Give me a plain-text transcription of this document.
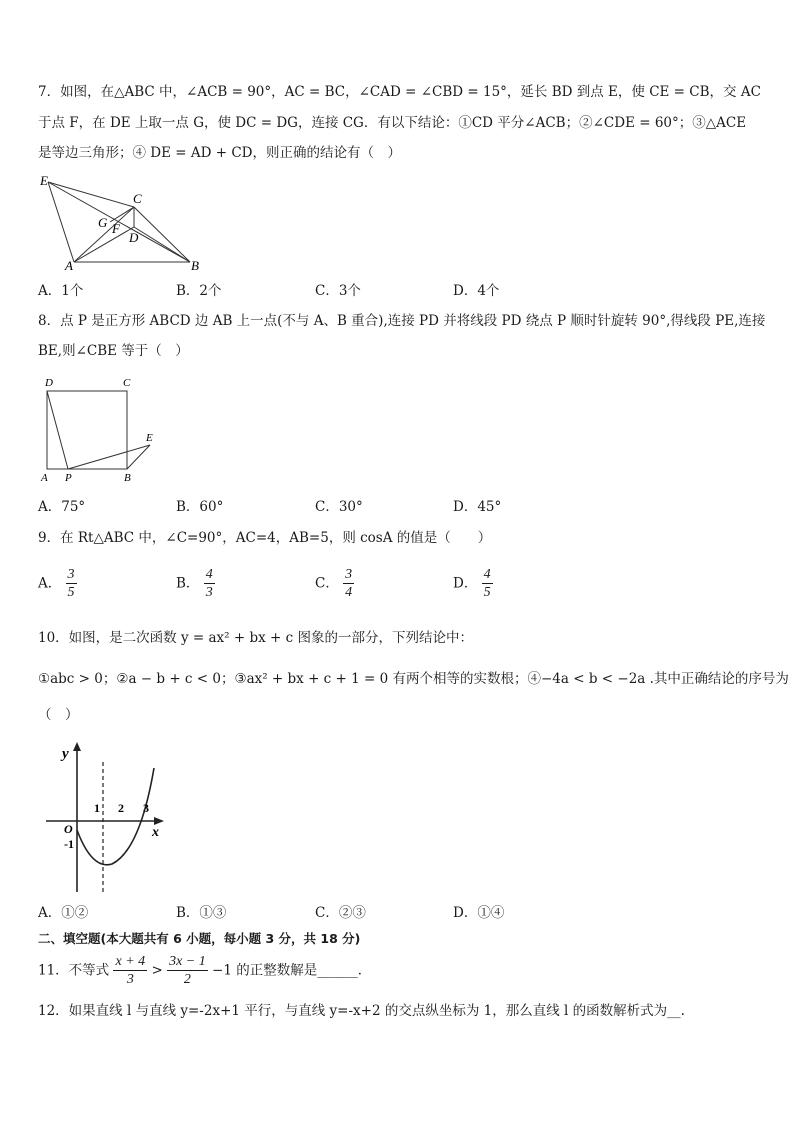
7．如图，在△ABC 中，∠ACB = 90°，AC = BC，∠CAD = ∠CBD = 15°，延长 BD 到点 E，使 CE = CB，交 AC
于点 F，在 DE 上取一点 G，使 DC = DG，连接 CG．有以下结论：①CD 平分∠ACB；②∠CDE = 60°；③△ACE
是等边三角形；④ DE = AD + CD，则正确的结论有（　）
E
C
G F
D
A	B
A．1个	B．2个	C．3个	D．4个
8．点 P 是正方形 ABCD 边 AB 上一点(不与 A、B 重合),连接 PD 并将线段 PD 绕点 P 顺时针旋转 90°,得线段 PE,连接
BE,则∠CBE 等于（　）
D	C
E
A P	B
A．75°	B．60°	C．30°	D．45°
9．在 Rt△ABC 中，∠C=90°，AC=4，AB=5，则 cosA 的值是（　　）
A． $\frac{3}{5}$	B． $\frac{4}{3}$	C． $\frac{3}{4}$	D． $\frac{4}{5}$
10．如图，是二次函数 y = ax² + bx + c 图象的一部分，下列结论中：
①abc > 0；②a − b + c < 0；③ax² + bx + c + 1 = 0 有两个相等的实数根；④−4a < b < −2a .其中正确结论的序号为
（　）
y
x
O
1 2 3
-1
A．①②	B．①③	C．②③	D．①④
二、填空题(本大题共有 6 小题，每小题 3 分，共 18 分)
11．不等式 $\frac{x + 4}{3} > \frac{3x - 1}{2} -1$ 的正整数解是______．
12．如果直线 l 与直线 y=-2x+1 平行，与直线 y=-x+2 的交点纵坐标为 1，那么直线 l 的函数解析式为__.
